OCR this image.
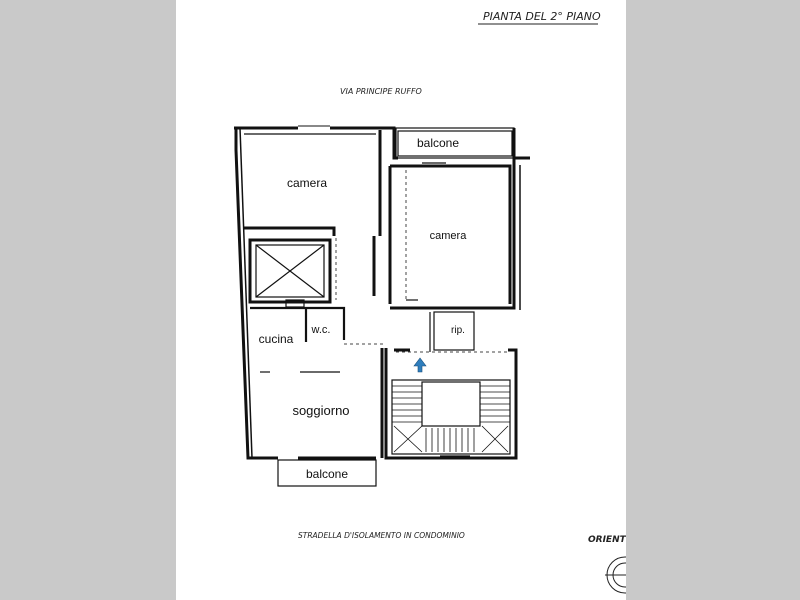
PIANTA DEL 2° PIANO
VIA PRINCIPE RUFFO
STRADELLA D'ISOLAMENTO IN CONDOMINIO	ORIENT
balcone
camera
camera
rip.
cucina
w.c.
soggiorno
balcone
